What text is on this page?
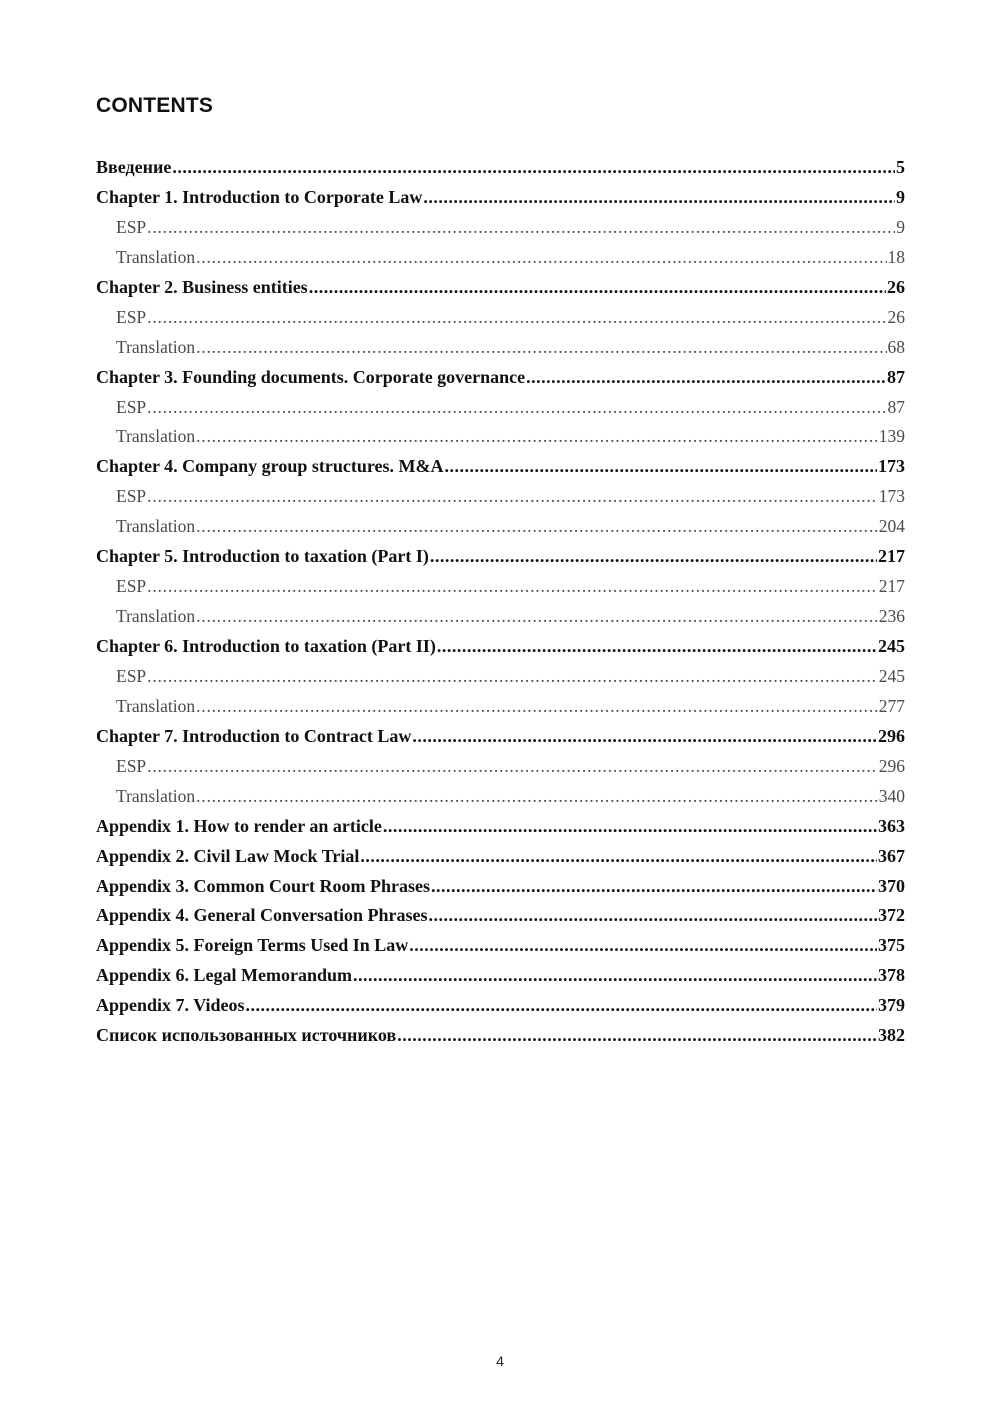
CONTENTS
Введение .....	5
Chapter 1. Introduction to Corporate Law .....	9
ESP .....	9
Translation .....	18
Chapter 2. Business entities .....	26
ESP .....	26
Translation .....	68
Chapter 3. Founding documents. Corporate governance .....	87
ESP .....	87
Translation .....	139
Chapter 4. Company group structures. M&A .....	173
ESP .....	173
Translation .....	204
Chapter 5. Introduction to taxation (Part I) .....	217
ESP .....	217
Translation .....	236
Chapter 6. Introduction to taxation (Part II) .....	245
ESP .....	245
Translation .....	277
Chapter 7. Introduction to Contract Law .....	296
ESP .....	296
Translation .....	340
Appendix 1. How to render an article .....	363
Appendix 2. Civil Law Mock Trial .....	367
Appendix 3. Common Court Room Phrases .....	370
Appendix 4. General Conversation Phrases .....	372
Appendix 5. Foreign Terms Used In Law .....	375
Appendix 6. Legal Memorandum .....	378
Appendix 7. Videos .....	379
Список использованных источников .....	382
4
